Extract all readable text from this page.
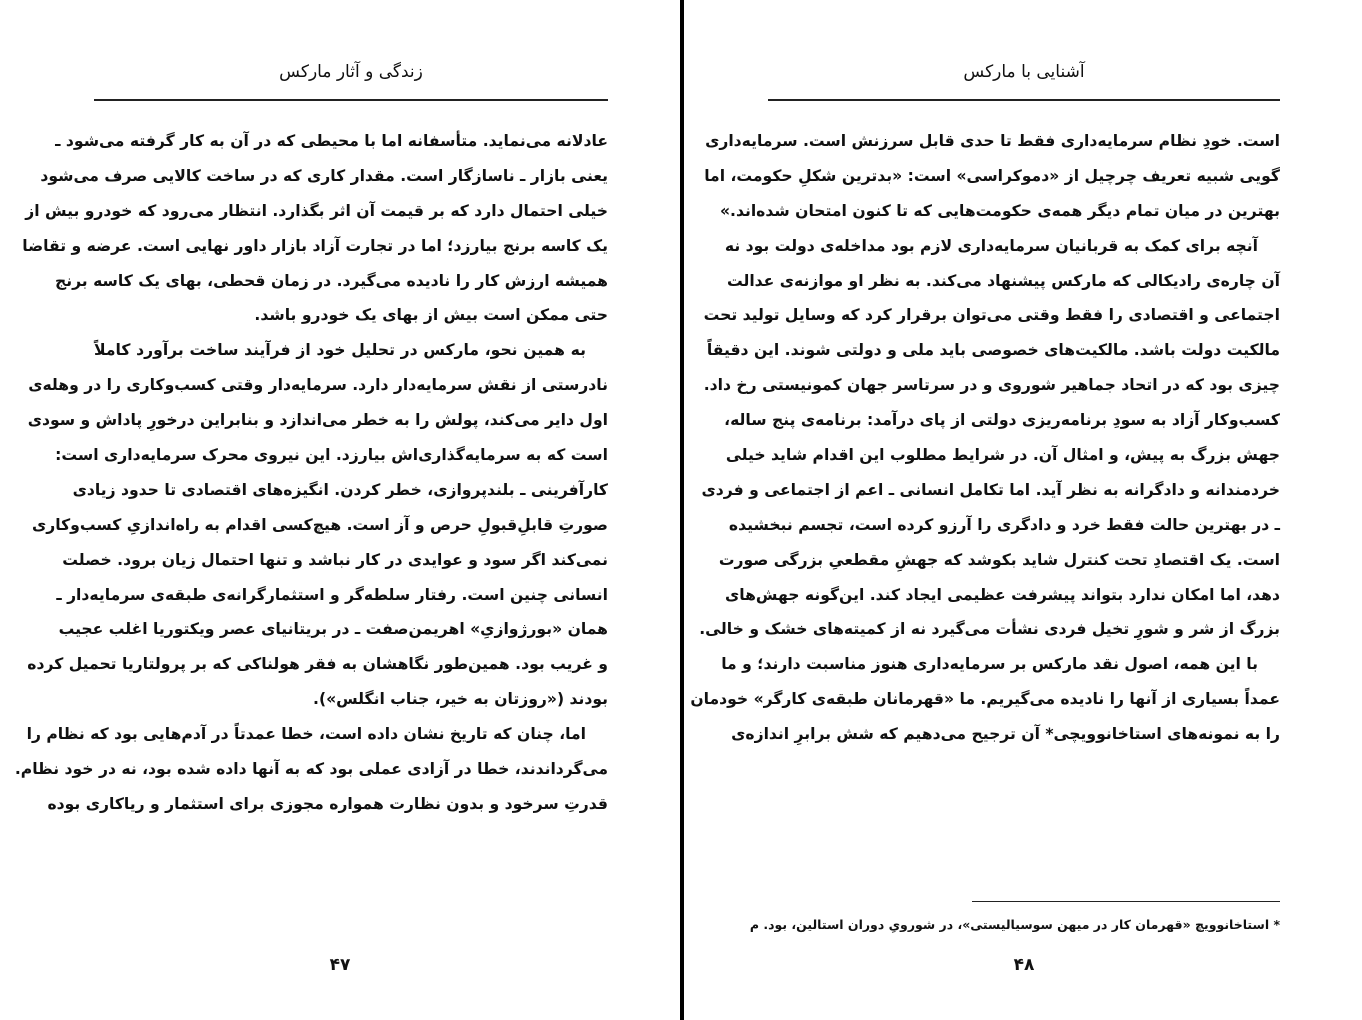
زندگی و آثار مارکس
عادلانه می‌نماید. متأسفانه اما با محیطی که در آن به کار گرفته می‌شود ـ
یعنی بازار ـ ناسازگار است. مقدار کاری که در ساخت کالایی صرف می‌شود
خیلی احتمال دارد که بر قیمت آن اثر بگذارد. انتظار می‌رود که خودرو بیش از
یک کاسه برنج بیارزد؛ اما در تجارت آزاد بازار داور نهایی است. عرضه و تقاضا
همیشه ارزش کار را نادیده می‌گیرد. در زمان قحطی، بهای یک کاسه برنج
حتی ممکن است بیش از بهای یک خودرو باشد.
به همین نحو، مارکس در تحلیل خود از فرآیند ساخت برآورد کاملاً
نادرستی از نقش سرمایه‌دار دارد. سرمایه‌دار وقتی کسب‌وکاری را در وهله‌ی
اول دایر می‌کند، پولش را به خطر می‌اندازد و بنابراین درخورِ پاداش و سودی
است که به سرمایه‌گذاری‌اش بیارزد. این نیروی محرک سرمایه‌داری است:
کارآفرینی ـ بلندپروازی، خطر کردن. انگیزه‌های اقتصادی تا حدود زیادی
صورتِ قابلِ‌قبولِ حرص و آز است. هیچ‌کسی اقدام به راه‌اندازیِ کسب‌وکاری
نمی‌کند اگر سود و عوایدی در کار نباشد و تنها احتمال زیان برود. خصلت
انسانی چنین است. رفتار سلطه‌گر و استثمارگرانه‌ی طبقه‌ی سرمایه‌دار ـ
همان «بورژوازیِ» اهریمن‌صفت ـ در بریتانیای عصر ویکتوریا اغلب عجیب
و غریب بود. همین‌طور نگاهشان به فقر هولناکی که بر پرولتاریا تحمیل کرده
بودند («روزتان به خیر، جناب انگلس»).
اما، چنان که تاریخ نشان داده است، خطا عمدتاً در آدم‌هایی بود که نظام را
می‌گرداندند، خطا در آزادی عملی بود که به آنها داده شده بود، نه در خود نظام.
قدرتِ سرخود و بدون نظارت همواره مجوزی برای استثمار و ریاکاری بوده
۴۷
آشنایی با مارکس
است. خودِ نظام سرمایه‌داری فقط تا حدی قابل سرزنش است. سرمایه‌داری
گویی شبیه تعریف چرچیل از «دموکراسی» است: «بدترین شکلِ حکومت، اما
بهترین در میان تمام دیگر همه‌ی حکومت‌هایی که تا کنون امتحان شده‌اند.»
آنچه برای کمک به قربانیان سرمایه‌داری لازم بود مداخله‌ی دولت بود نه
آن چاره‌ی رادیکالی که مارکس پیشنهاد می‌کند. به نظر او موازنه‌ی عدالت
اجتماعی و اقتصادی را فقط وقتی می‌توان برقرار کرد که وسایل تولید تحت
مالکیت دولت باشد. مالکیت‌های خصوصی باید ملی و دولتی شوند. این دقیقاً
چیزی بود که در اتحاد جماهیر شوروی و در سرتاسر جهان کمونیستی رخ داد.
کسب‌وکار آزاد به سودِ برنامه‌ریزی دولتی از پای درآمد: برنامه‌ی پنج ساله،
جهش بزرگ به پیش، و امثال آن. در شرایط مطلوب این اقدام شاید خیلی
خردمندانه و دادگرانه به نظر آید. اما تکامل انسانی ـ اعم از اجتماعی و فردی
ـ در بهترین حالت فقط خرد و دادگری را آرزو کرده است، تجسم نبخشیده
است. یک اقتصادِ تحت کنترل شاید بکوشد که جهشِ مقطعیِ بزرگی صورت
دهد، اما امکان ندارد بتواند پیشرفت عظیمی ایجاد کند. این‌گونه جهش‌های
بزرگ از شر و شورِ تخیل فردی نشأت می‌گیرد نه از کمیته‌های خشک و خالی.
با این همه، اصول نقد مارکس بر سرمایه‌داری هنوز مناسبت دارند؛ و ما
عمداً بسیاری از آنها را نادیده می‌گیریم. ما «قهرمانان طبقه‌ی کارگر» خودمان
را به نمونه‌های استاخانوویچی* آن ترجیح می‌دهیم که شش برابرِ اندازه‌ی
* استاخانوویچ «قهرمان کار در میهن سوسیالیستی»، در شورویِ دوران استالین، بود. م
۴۸
